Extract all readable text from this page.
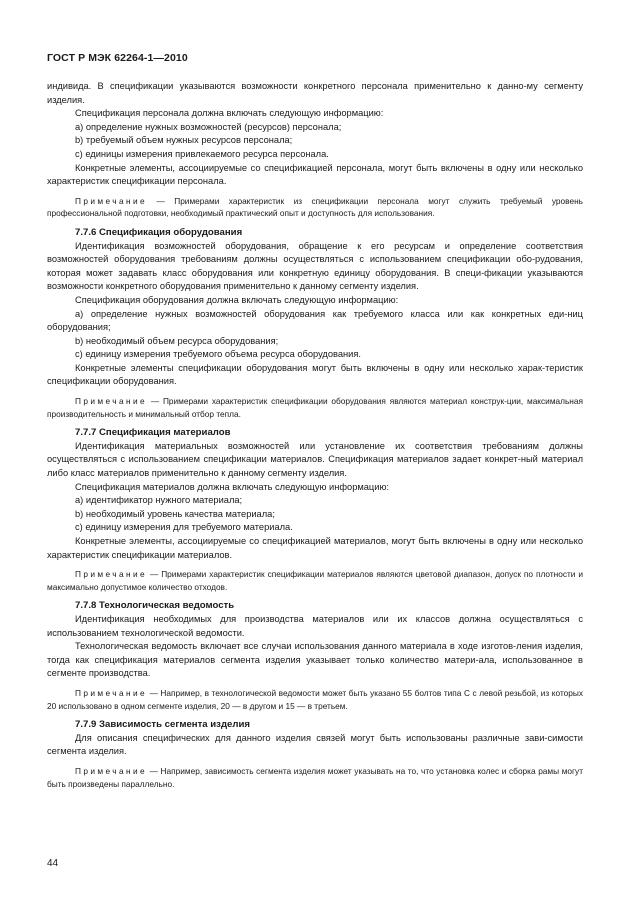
ГОСТ Р МЭК 62264-1—2010

индивида. В спецификации указываются возможности конкретного персонала применительно к данно-му сегменту изделия.

Спецификация персонала должна включать следующую информацию:

a) определение нужных возможностей (ресурсов) персонала;

b) требуемый объем нужных ресурсов персонала;

c) единицы измерения привлекаемого ресурса персонала.

Конкретные элементы, ассоциируемые со спецификацией персонала, могут быть включены в одну или несколько характеристик спецификации персонала.

Примечание — Примерами характеристик из спецификации персонала могут служить требуемый уровень профессиональной подготовки, необходимый практический опыт и доступность для использования.

7.7.6 Спецификация оборудования

Идентификация возможностей оборудования, обращение к его ресурсам и определение соответствия возможностей оборудования требованиям должны осуществляться с использованием спецификации обо-рудования, которая может задавать класс оборудования или конкретную единицу оборудования. В специ-фикации указываются возможности конкретного оборудования применительно к данному сегменту изделия.

Спецификация оборудования должна включать следующую информацию:

a) определение нужных возможностей оборудования как требуемого класса или как конкретных еди-ниц оборудования;

b) необходимый объем ресурса оборудования;

c) единицу измерения требуемого объема ресурса оборудования.

Конкретные элементы спецификации оборудования могут быть включены в одну или несколько харак-теристик спецификации оборудования.

Примечание — Примерами характеристик спецификации оборудования являются материал конструк-ции, максимальная производительность и минимальный отбор тепла.

7.7.7 Спецификация материалов

Идентификация материальных возможностей или установление их соответствия требованиям должны осуществляться с использованием спецификации материалов. Спецификация материалов задает конкрет-ный материал либо класс материалов применительно к данному сегменту изделия.

Спецификация материалов должна включать следующую информацию:

a) идентификатор нужного материала;

b) необходимый уровень качества материала;

c) единицу измерения для требуемого материала.

Конкретные элементы, ассоциируемые со спецификацией материалов, могут быть включены в одну или несколько характеристик спецификации материалов.

Примечание — Примерами характеристик спецификации материалов являются цветовой диапазон, допуск по плотности и максимально допустимое количество отходов.

7.7.8 Технологическая ведомость

Идентификация необходимых для производства материалов или их классов должна осуществляться с использованием технологической ведомости.

Технологическая ведомость включает все случаи использования данного материала в ходе изготов-ления изделия, тогда как спецификация материалов сегмента изделия указывает только количество матери-ала, использованное в сегменте производства.

Примечание — Например, в технологической ведомости может быть указано 55 болтов типа С с левой резьбой, из которых 20 использовано в одном сегменте изделия, 20 — в другом и 15 — в третьем.

7.7.9 Зависимость сегмента изделия

Для описания специфических для данного изделия связей могут быть использованы различные зави-симости сегмента изделия.

Примечание — Например, зависимость сегмента изделия может указывать на то, что установка колес и сборка рамы могут быть произведены параллельно.

44
